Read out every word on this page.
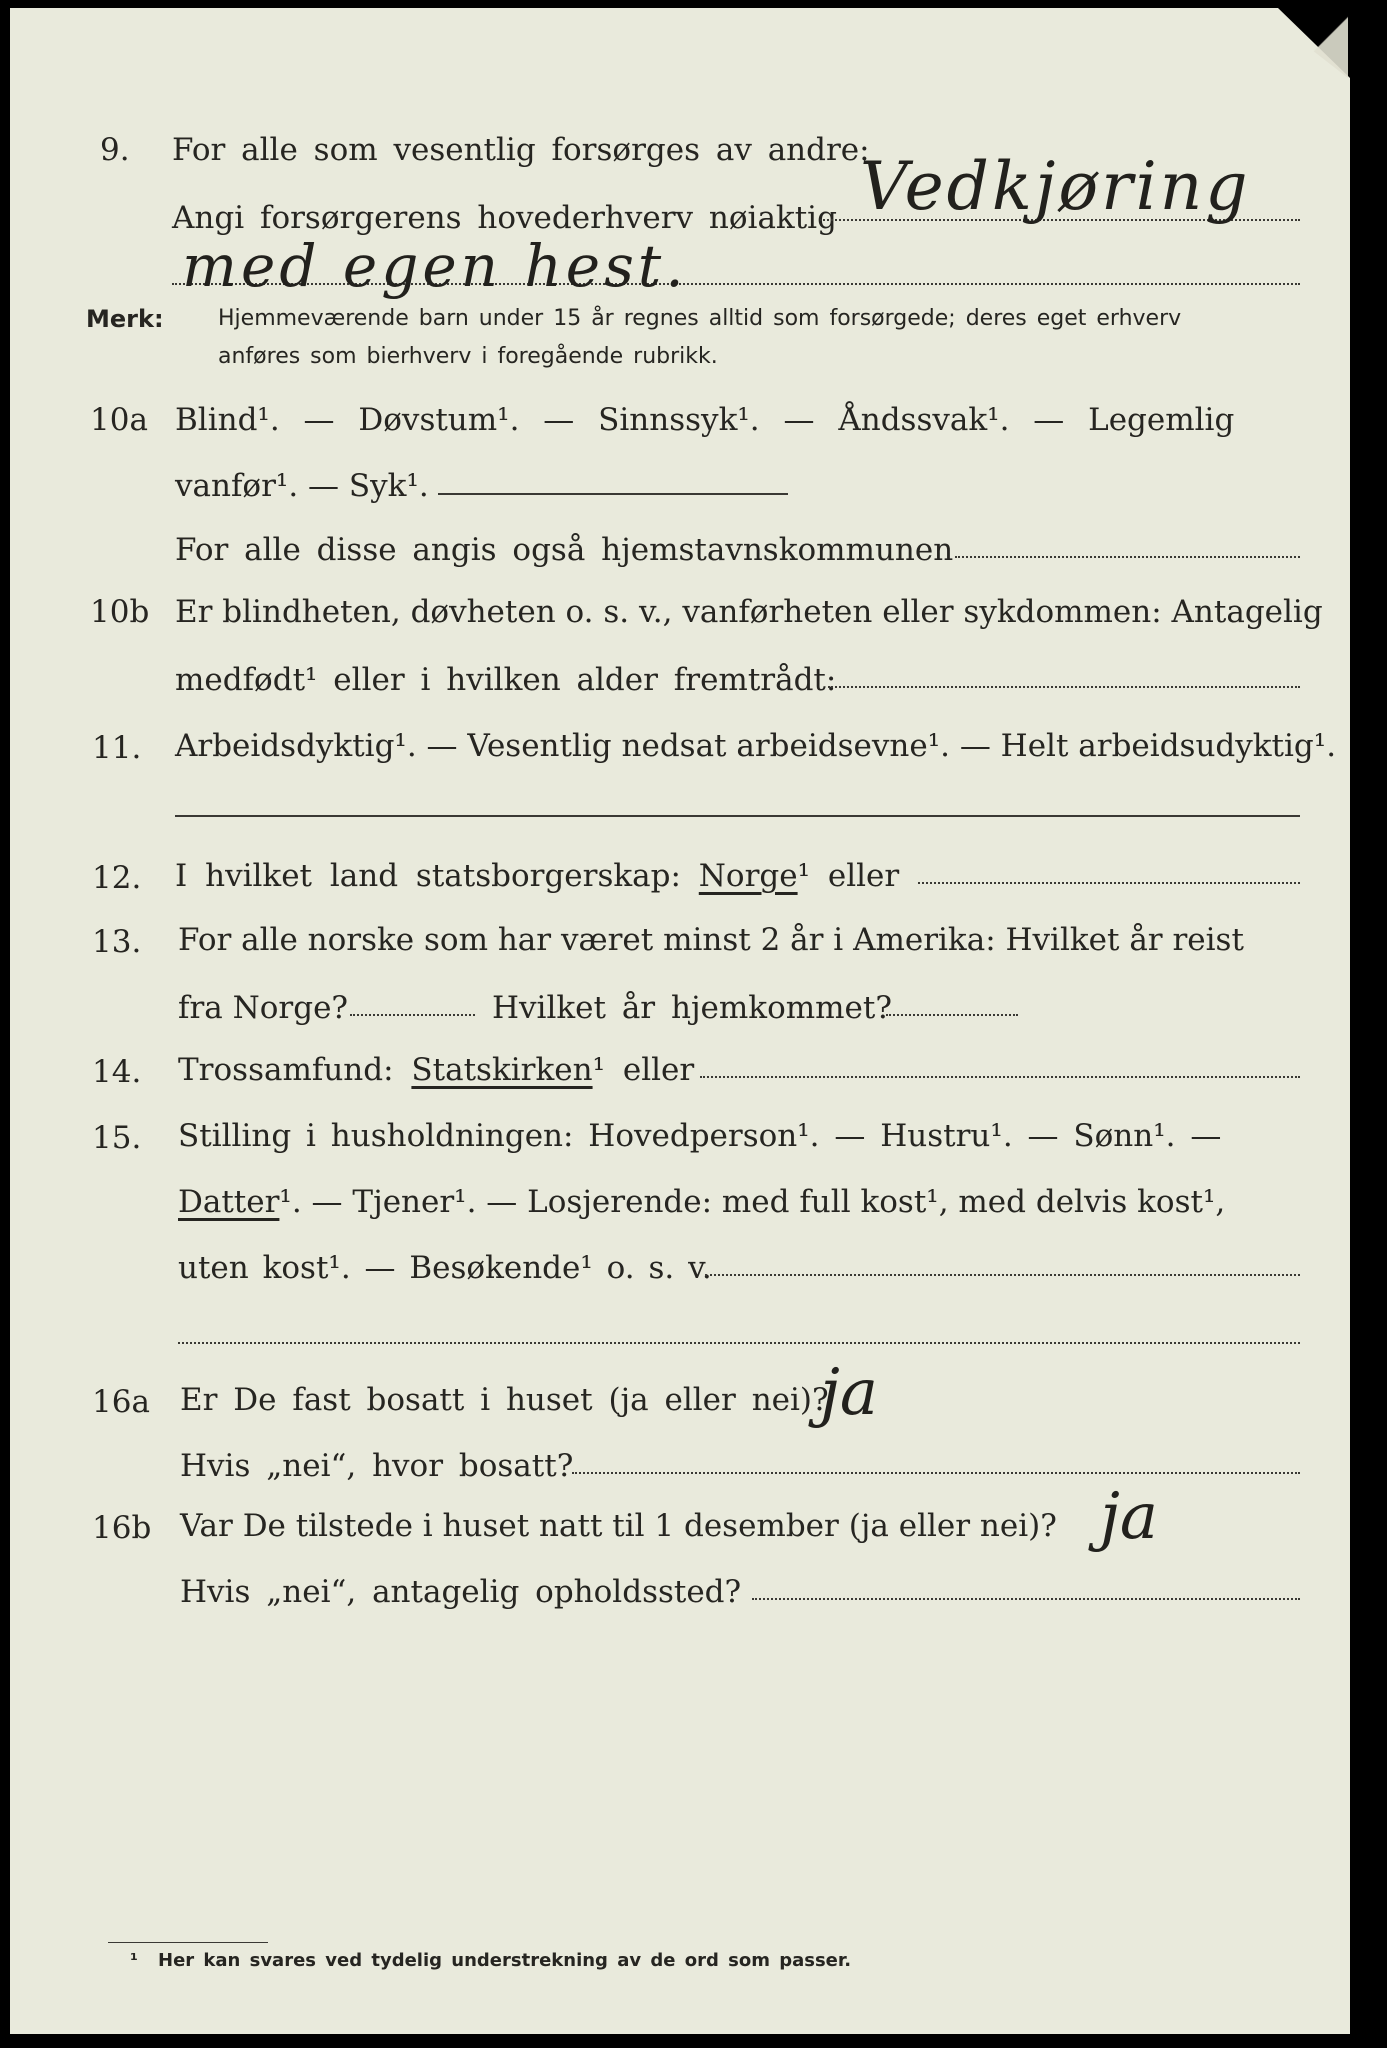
9. For alle som vesentlig forsørges av andre:
Angi forsørgerens hovederhverv nøiaktig Vedkjøring
med egen hest.
Merk: Hjemmeværende barn under 15 år regnes alltid som forsørgede; deres eget erhverv
anføres som bierhverv i foregående rubrikk.
10a Blind¹. — Døvstum¹. — Sinnssyk¹. — Åndssvak¹. — Legemlig
vanfør¹. — Syk¹.
For alle disse angis også hjemstavnskommunen
10b Er blindheten, døvheten o. s. v., vanførheten eller sykdommen: Antagelig
medfødt¹ eller i hvilken alder fremtrådt:
11. Arbeidsdyktig¹. — Vesentlig nedsat arbeidsevne¹. — Helt arbeidsudyktig¹.
12. I hvilket land statsborgerskap: Norge¹ eller
13. For alle norske som har været minst 2 år i Amerika: Hvilket år reist
fra Norge?	Hvilket år hjemkommet?
14. Trossamfund: Statskirken¹ eller
15. Stilling i husholdningen: Hovedperson¹. — Hustru¹. — Sønn¹. —
Datter¹. — Tjener¹. — Losjerende: med full kost¹, med delvis kost¹,
uten kost¹. — Besøkende¹ o. s. v.
16a Er De fast bosatt i huset (ja eller nei)?
ja
Hvis „nei“, hvor bosatt?
16b Var De tilstede i huset natt til 1 desember (ja eller nei)? ja
Hvis „nei“, antagelig opholdssted?
¹ Her kan svares ved tydelig understrekning av de ord som passer.
